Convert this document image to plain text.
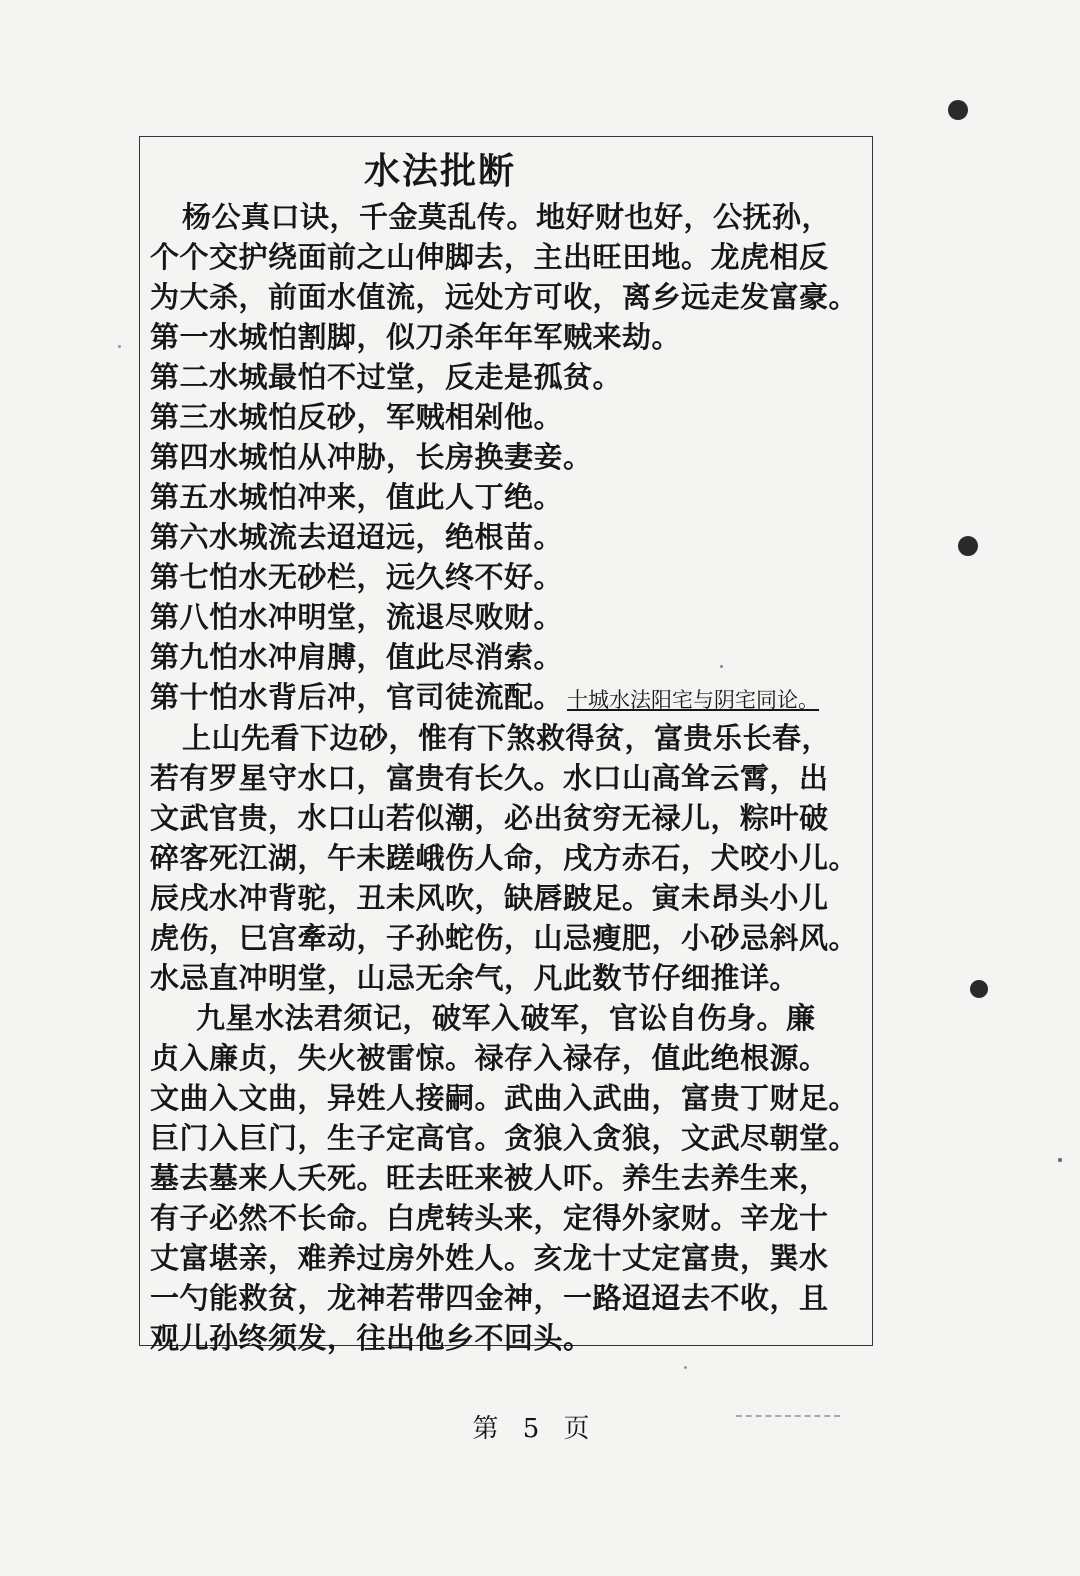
水法批断
杨公真口诀，千金莫乱传。地好财也好，公抚孙，
个个交护绕面前之山伸脚去，主出旺田地。龙虎相反
为大杀，前面水值流，远处方可收，离乡远走发富豪。
第一水城怕割脚，似刀杀年年军贼来劫。
第二水城最怕不过堂，反走是孤贫。
第三水城怕反砂，军贼相剁他。
第四水城怕从冲胁，长房换妻妾。
第五水城怕冲来，值此人丁绝。
第六水城流去迢迢远，绝根苗。
第七怕水无砂栏，远久终不好。
第八怕水冲明堂，流退尽败财。
第九怕水冲肩膊，值此尽消索。
第十怕水背后冲，官司徒流配。 十城水法阳宅与阴宅同论。
上山先看下边砂，惟有下煞救得贫，富贵乐长春，
若有罗星守水口，富贵有长久。水口山高耸云霄，出
文武官贵，水口山若似潮，必出贫穷无禄儿，粽叶破
碎客死江湖，午未蹉峨伤人命，戌方赤石，犬咬小儿。
辰戌水冲背驼，丑未风吹，缺唇跛足。寅未昂头小儿
虎伤，巳宫牽动，子孙蛇伤，山忌瘦肥，小砂忌斜风。
水忌直冲明堂，山忌无余气，凡此数节仔细推详。
九星水法君须记，破军入破军，官讼自伤身。廉
贞入廉贞，失火被雷惊。禄存入禄存，值此绝根源。
文曲入文曲，异姓人接嗣。武曲入武曲，富贵丁财足。
巨门入巨门，生子定高官。贪狼入贪狼，文武尽朝堂。
墓去墓来人夭死。旺去旺来被人吓。养生去养生来，
有子必然不长命。白虎转头来，定得外家财。辛龙十
丈富堪亲，难养过房外姓人。亥龙十丈定富贵，巽水
一勺能救贫，龙神若带四金神，一路迢迢去不收，且
观儿孙终须发，往出他乡不回头。
第 5 页
